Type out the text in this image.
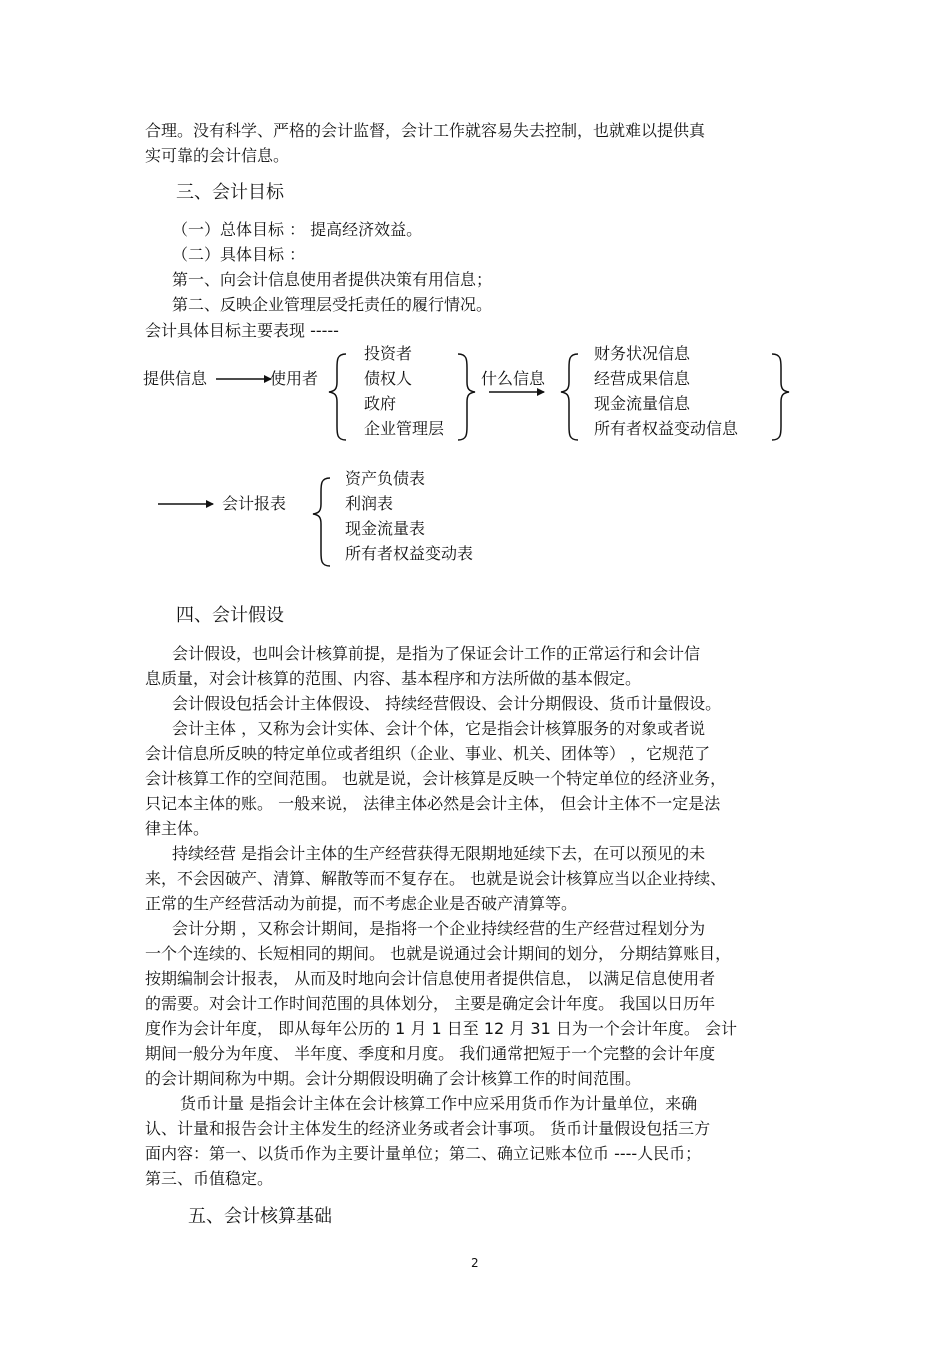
合理。没有科学、严格的会计监督，会计工作就容易失去控制，也就难以提供真
实可靠的会计信息。
三、会计目标
（一）总体目标 ： 提高经济效益。
（二）具体目标 ：
第一、向会计信息使用者提供决策有用信息；
第二、反映企业管理层受托责任的履行情况。
会计具体目标主要表现 -----
提供信息	使用者
投资者
债权人
政府
企业管理层
什么信息
财务状况信息
经营成果信息
现金流量信息
所有者权益变动信息
会计报表
资产负债表
利润表
现金流量表
所有者权益变动表
四、会计假设
会计假设，也叫会计核算前提，是指为了保证会计工作的正常运行和会计信
息质量，对会计核算的范围、内容、基本程序和方法所做的基本假定。
会计假设包括会计主体假设、 持续经营假设、会计分期假设、货币计量假设。
会计主体 ，又称为会计实体、会计个体，它是指会计核算服务的对象或者说
会计信息所反映的特定单位或者组织（企业、事业、机关、团体等） ，它规范了
会计核算工作的空间范围。 也就是说，会计核算是反映一个特定单位的经济业务，
只记本主体的账。 一般来说， 法律主体必然是会计主体， 但会计主体不一定是法
律主体。
持续经营 是指会计主体的生产经营获得无限期地延续下去，在可以预见的未
来，不会因破产、清算、解散等而不复存在。 也就是说会计核算应当以企业持续、
正常的生产经营活动为前提，而不考虑企业是否破产清算等。
会计分期 ，又称会计期间，是指将一个企业持续经营的生产经营过程划分为
一个个连续的、长短相同的期间。 也就是说通过会计期间的划分， 分期结算账目，
按期编制会计报表， 从而及时地向会计信息使用者提供信息， 以满足信息使用者
的需要。对会计工作时间范围的具体划分， 主要是确定会计年度。 我国以日历年
度作为会计年度， 即从每年公历的 1 月 1 日至 12 月 31 日为一个会计年度。 会计
期间一般分为年度、 半年度、季度和月度。 我们通常把短于一个完整的会计年度
的会计期间称为中期。会计分期假设明确了会计核算工作的时间范围。
货币计量 是指会计主体在会计核算工作中应采用货币作为计量单位，来确
认、计量和报告会计主体发生的经济业务或者会计事项。 货币计量假设包括三方
面内容：第一、以货币作为主要计量单位；第二、确立记账本位币 ----人民币；
第三、币值稳定。
五、会计核算基础
2
